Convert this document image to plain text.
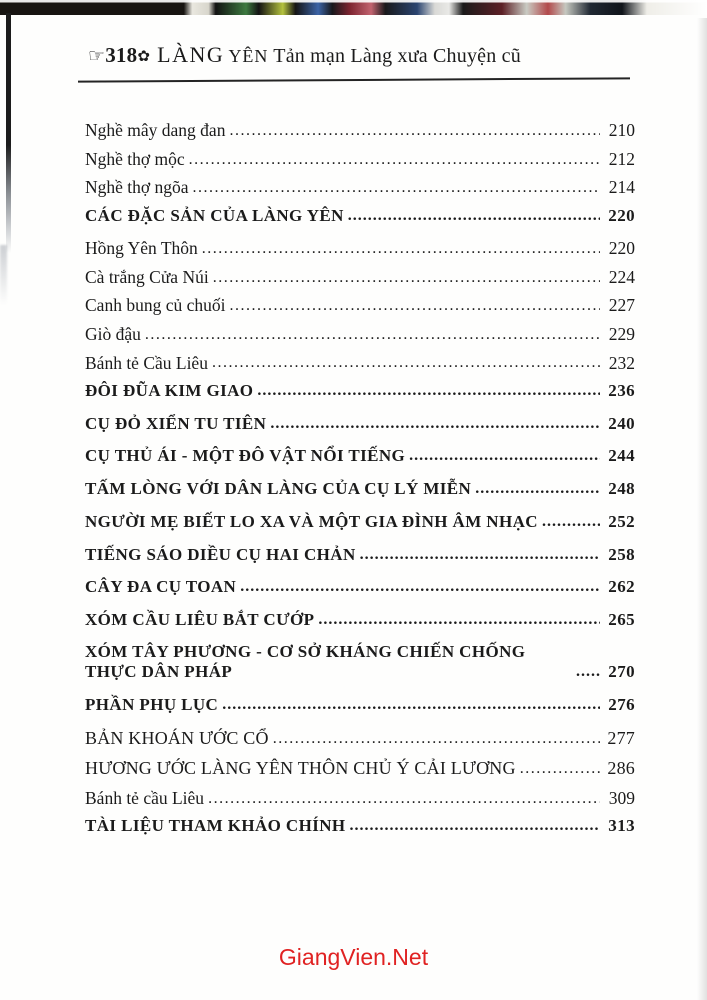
☞318✿ LÀNG YÊN Tản mạn Làng xưa Chuyện cũ
Nghề mây dang đan .....	210
Nghề thợ mộc .....	212
Nghề thợ ngõa .....	214
CÁC ĐẶC SẢN CỦA LÀNG YÊN .....	220
Hồng Yên Thôn .....	220
Cà trắng Cửa Núi .....	224
Canh bung củ chuối .....	227
Giò đậu .....	229
Bánh tẻ Cầu Liêu .....	232
ĐÔI ĐŨA KIM GIAO .....	236
CỤ ĐỎ XIỂN TU TIÊN .....	240
CỤ THỦ ÁI - MỘT ĐÔ VẬT NỔI TIẾNG .....	244
TẤM LÒNG VỚI DÂN LÀNG CỦA CỤ LÝ MIỄN .....	248
NGƯỜI MẸ BIẾT LO XA VÀ MỘT GIA ĐÌNH ÂM NHẠC .....	252
TIẾNG SÁO DIỀU CỤ HAI CHẢN .....	258
CÂY ĐA CỤ TOAN .....	262
XÓM CẦU LIÊU BẮT CƯỚP .....	265
XÓM TÂY PHƯƠNG - CƠ SỞ KHÁNG CHIẾN CHỐNG THỰC DÂN PHÁP .....	270
PHẦN PHỤ LỤC .....	276
BẢN KHOÁN ƯỚC CỔ .....	277
HƯƠNG ƯỚC LÀNG YÊN THÔN CHỦ Ý CẢI LƯƠNG .....	286
Bánh tẻ cầu Liêu .....	309
TÀI LIỆU THAM KHẢO CHÍNH .....	313
GiangVien.Net
